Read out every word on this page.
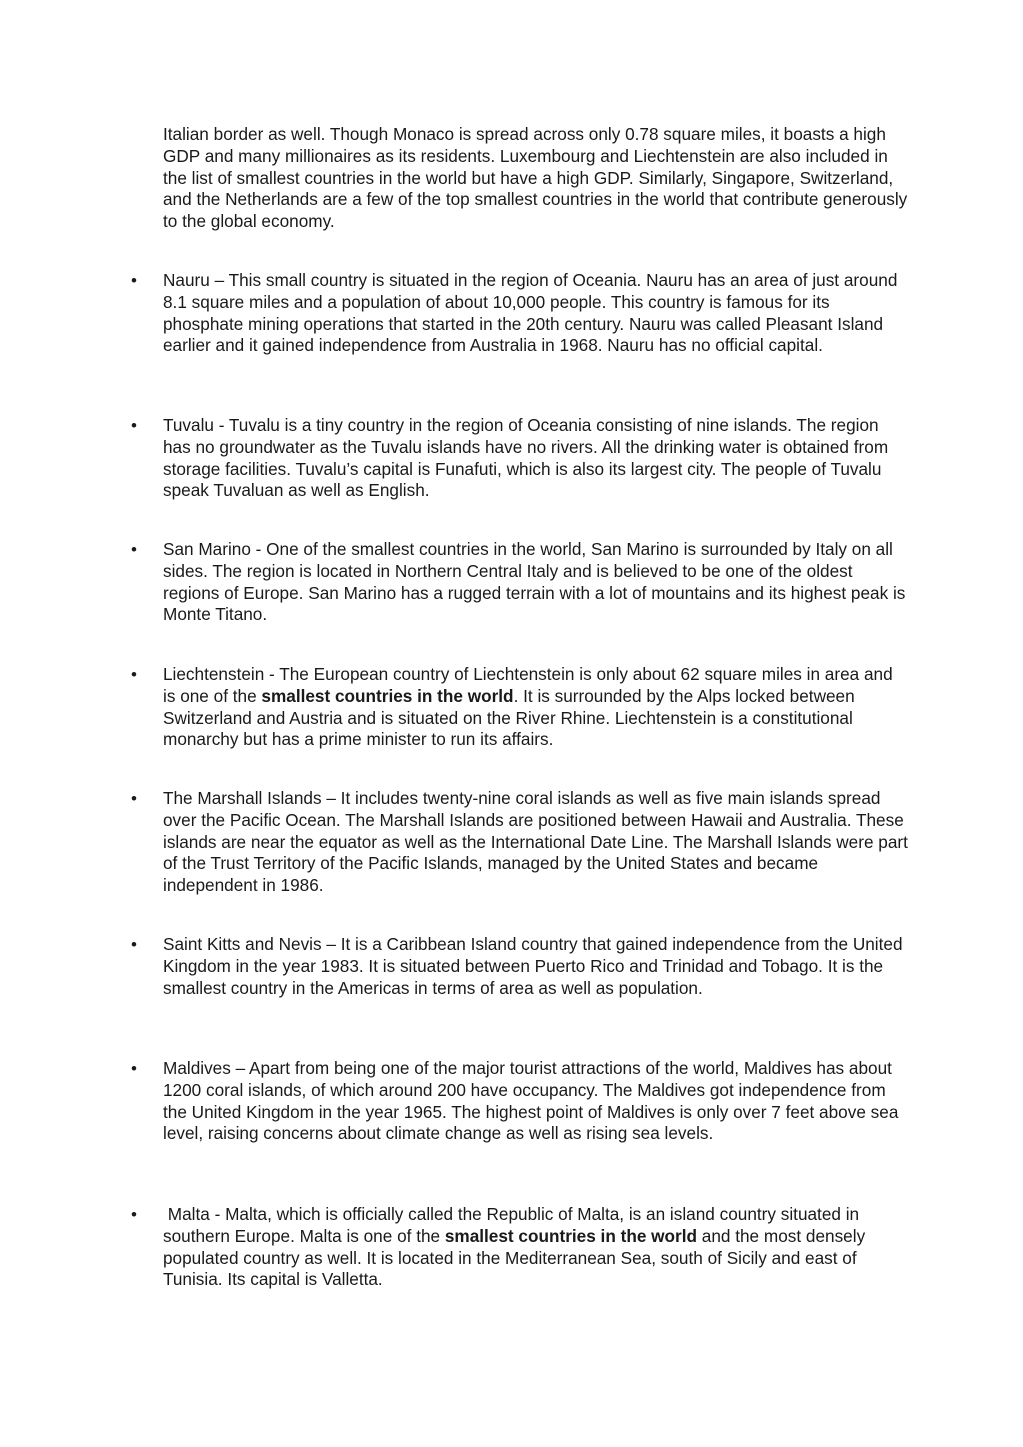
Italian border as well. Though Monaco is spread across only 0.78 square miles, it boasts a high GDP and many millionaires as its residents. Luxembourg and Liechtenstein are also included in the list of smallest countries in the world but have a high GDP. Similarly, Singapore, Switzerland, and the Netherlands are a few of the top smallest countries in the world that contribute generously to the global economy.

• Nauru – This small country is situated in the region of Oceania. Nauru has an area of just around 8.1 square miles and a population of about 10,000 people. This country is famous for its phosphate mining operations that started in the 20th century. Nauru was called Pleasant Island earlier and it gained independence from Australia in 1968. Nauru has no official capital.
• Tuvalu - Tuvalu is a tiny country in the region of Oceania consisting of nine islands. The region has no groundwater as the Tuvalu islands have no rivers. All the drinking water is obtained from storage facilities. Tuvalu’s capital is Funafuti, which is also its largest city. The people of Tuvalu speak Tuvaluan as well as English.
• San Marino - One of the smallest countries in the world, San Marino is surrounded by Italy on all sides. The region is located in Northern Central Italy and is believed to be one of the oldest regions of Europe. San Marino has a rugged terrain with a lot of mountains and its highest peak is Monte Titano.
• Liechtenstein - The European country of Liechtenstein is only about 62 square miles in area and is one of the smallest countries in the world. It is surrounded by the Alps locked between Switzerland and Austria and is situated on the River Rhine. Liechtenstein is a constitutional monarchy but has a prime minister to run its affairs.
• The Marshall Islands – It includes twenty-nine coral islands as well as five main islands spread over the Pacific Ocean. The Marshall Islands are positioned between Hawaii and Australia. These islands are near the equator as well as the International Date Line. The Marshall Islands were part of the Trust Territory of the Pacific Islands, managed by the United States and became independent in 1986.
• Saint Kitts and Nevis – It is a Caribbean Island country that gained independence from the United Kingdom in the year 1983. It is situated between Puerto Rico and Trinidad and Tobago. It is the smallest country in the Americas in terms of area as well as population.
• Maldives – Apart from being one of the major tourist attractions of the world, Maldives has about 1200 coral islands, of which around 200 have occupancy. The Maldives got independence from the United Kingdom in the year 1965. The highest point of Maldives is only over 7 feet above sea level, raising concerns about climate change as well as rising sea levels.
• Malta - Malta, which is officially called the Republic of Malta, is an island country situated in southern Europe. Malta is one of the smallest countries in the world and the most densely populated country as well. It is located in the Mediterranean Sea, south of Sicily and east of Tunisia. Its capital is Valletta.
